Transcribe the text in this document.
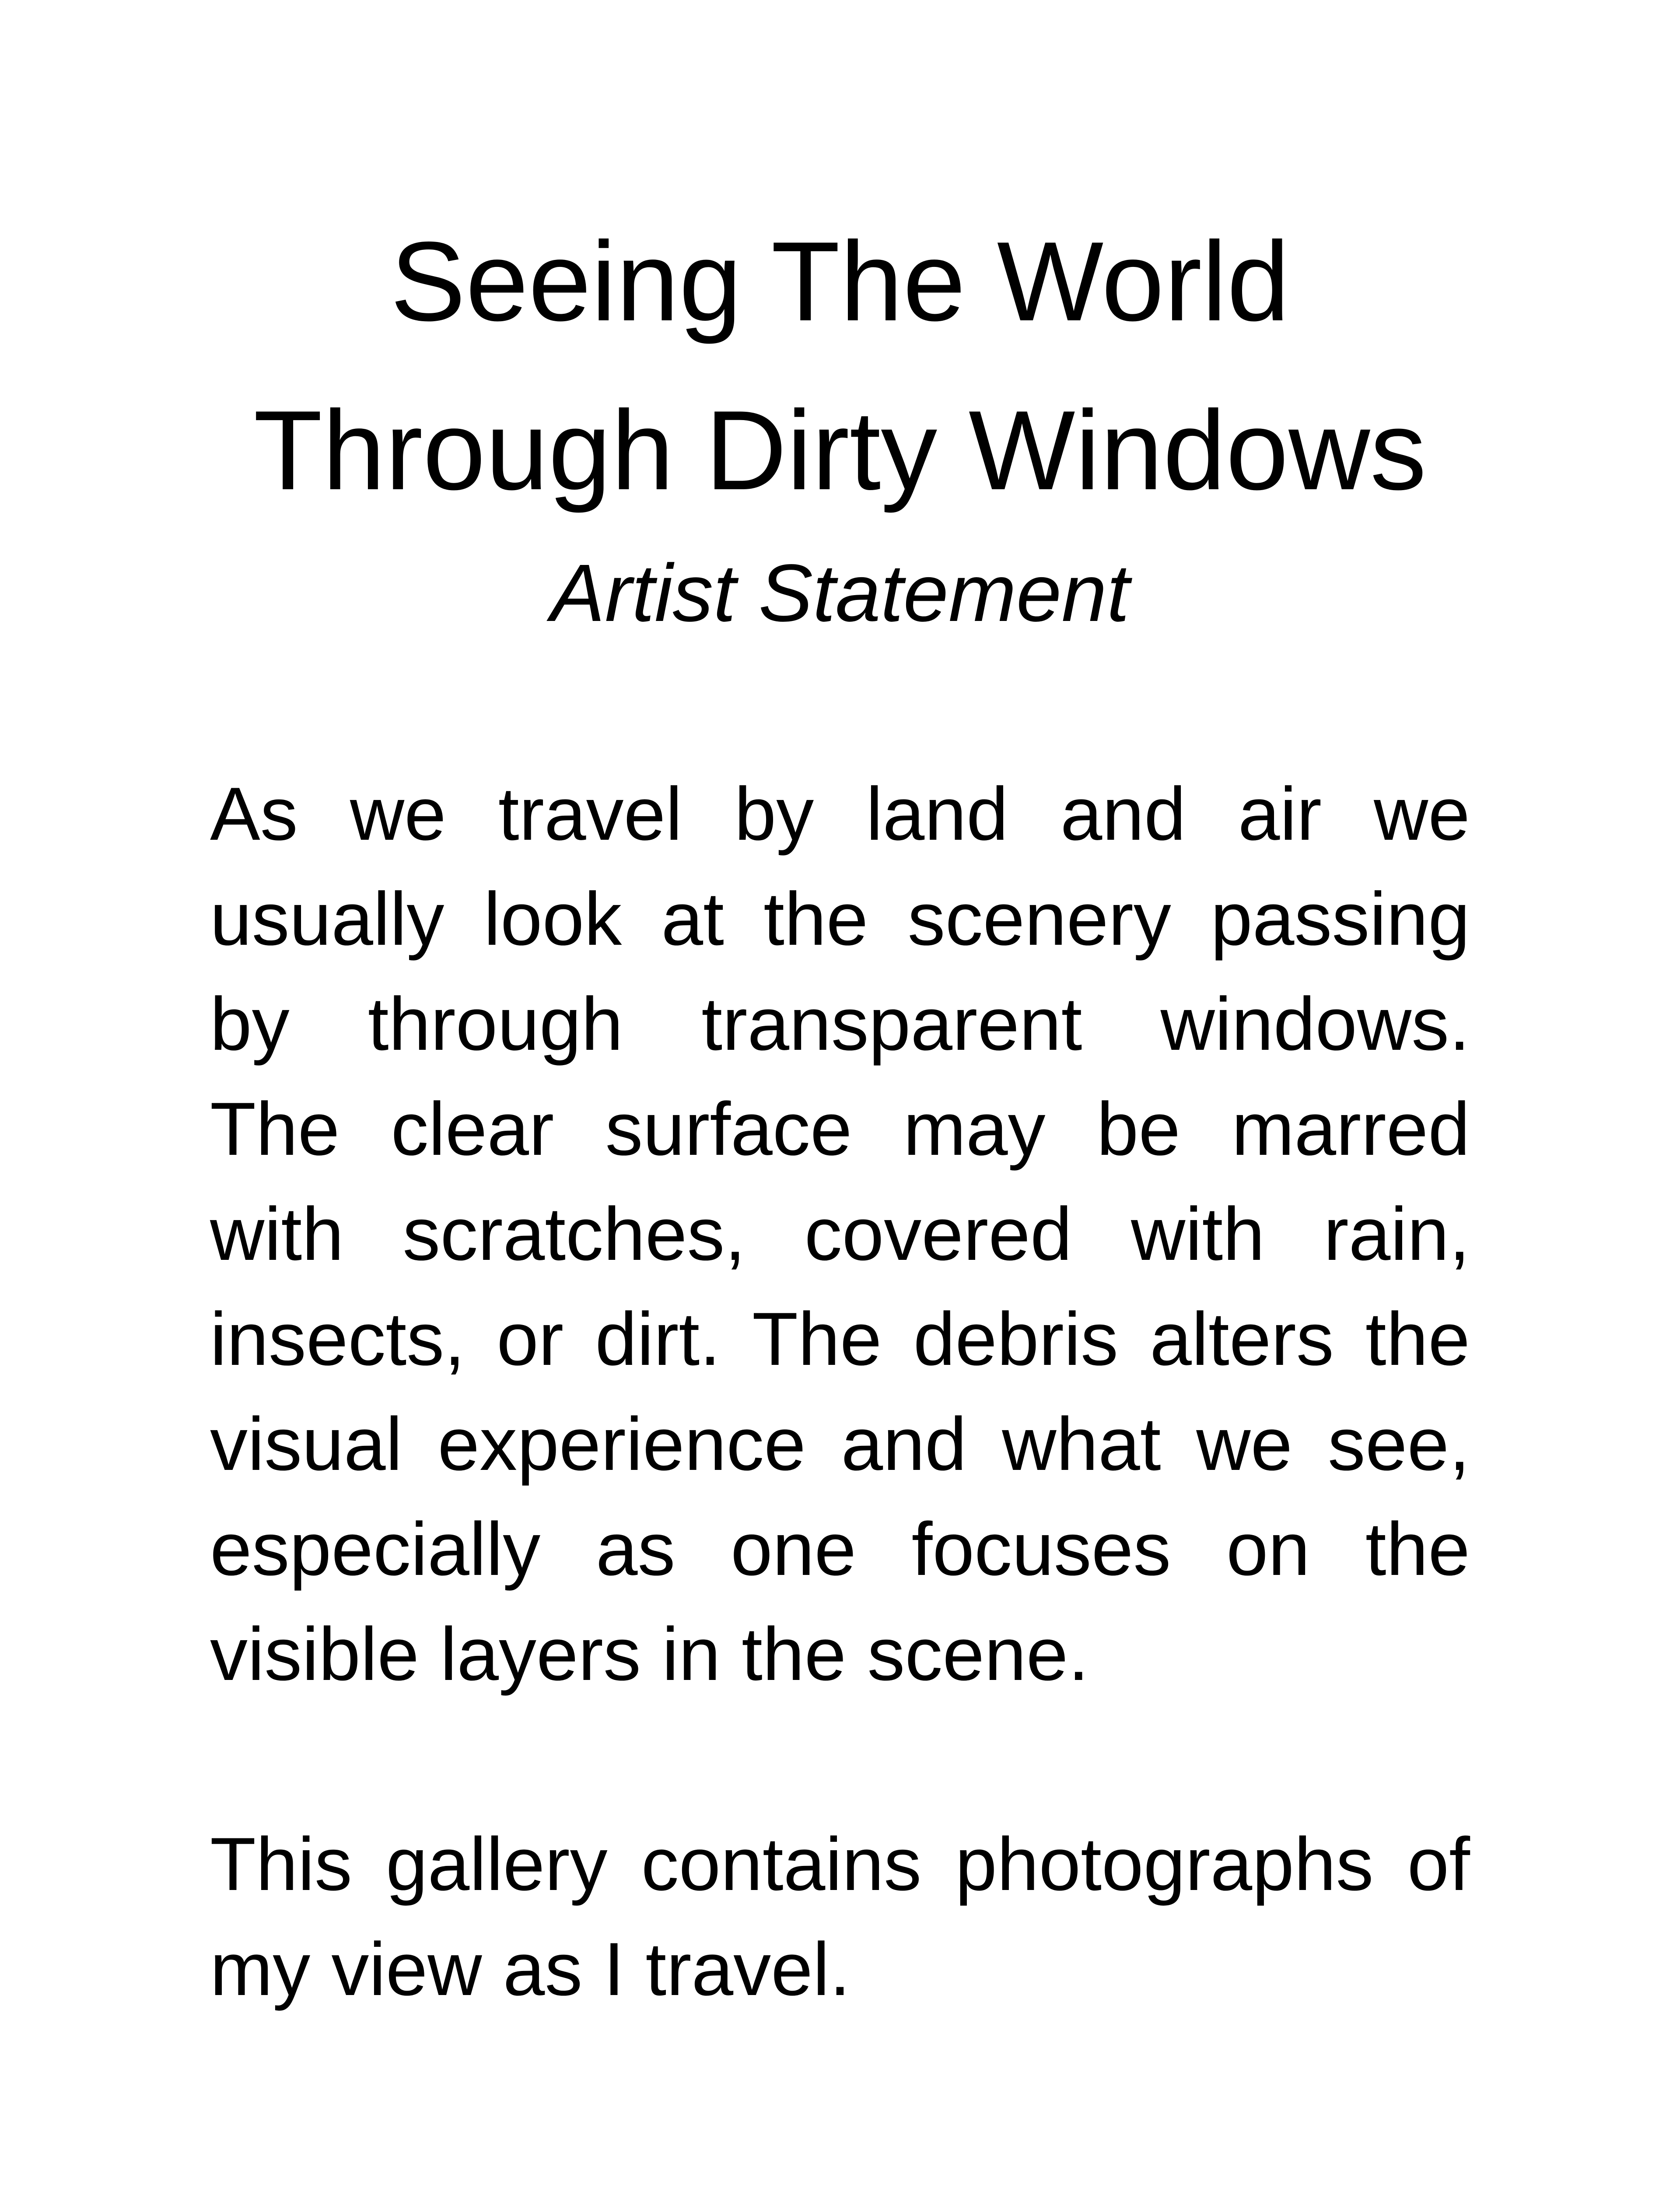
Seeing The World
Through Dirty Windows
Artist Statement
As we travel by land and air we
usually look at the scenery passing
by through transparent windows.
The clear surface may be marred
with scratches, covered with rain,
insects, or dirt. The debris alters the
visual experience and what we see,
especially as one focuses on the
visible layers in the scene.
This gallery contains photographs of
my view as I travel.
